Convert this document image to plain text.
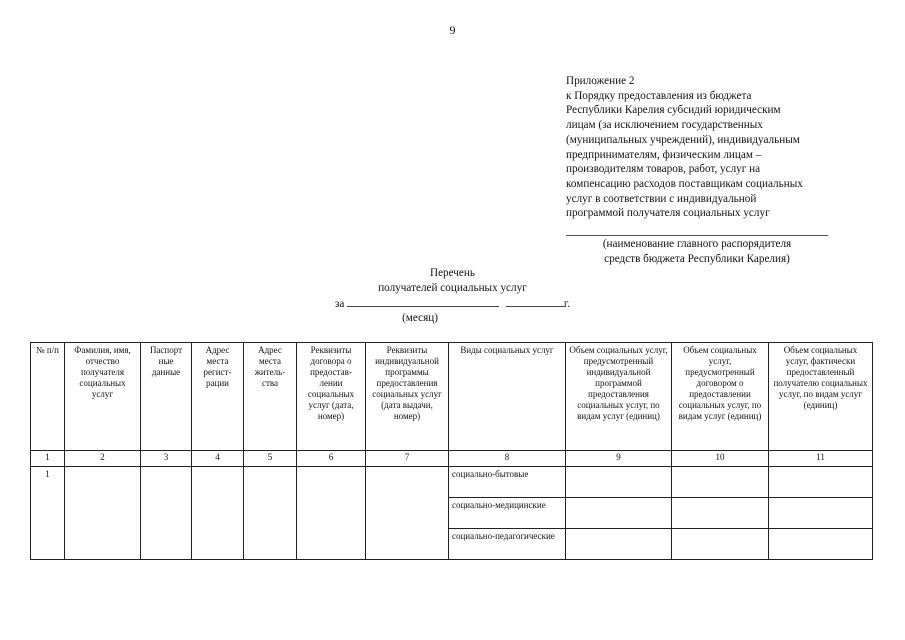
9
Приложение 2
к Порядку предоставления из бюджета
Республики Карелия субсидий юридическим
лицам (за исключением государственных
(муниципальных учреждений), индивидуальным
предпринимателям, физическим лицам –
производителям товаров, работ, услуг на
компенсацию расходов поставщикам социальных
услуг в соответствии с индивидуальной
программой получателя социальных услуг
(наименование главного распорядителя
средств бюджета Республики Карелия)
Перечень
получателей социальных услуг
за	г.
(месяц)
№ п/п	Фамилия, имя, отчество получателя социальных услуг	Паспорт ные данные	Адрес места регист-рации	Адрес места житель-ства	Реквизиты договора о предостав-лении социальных услуг (дата, номер)	Реквизиты индивидуальной программы предоставления социальных услуг (дата выдачи, номер)	Виды социальных услуг	Объем социальных услуг, предусмотренный индивидуальной программой предоставления социальных услуг, по видам услуг (единиц)	Объем социальных услуг, предусмотренный договором о предоставлении социальных услуг, по видам услуг (единиц)	Объем социальных услуг, фактически предоставленный получателю социальных услуг, по видам услуг (единиц)
1	2	3	4	5	6	7	8	9	10	11
1							социально-бытовые			
							социально-медицинские			
							социально-педагогические			
